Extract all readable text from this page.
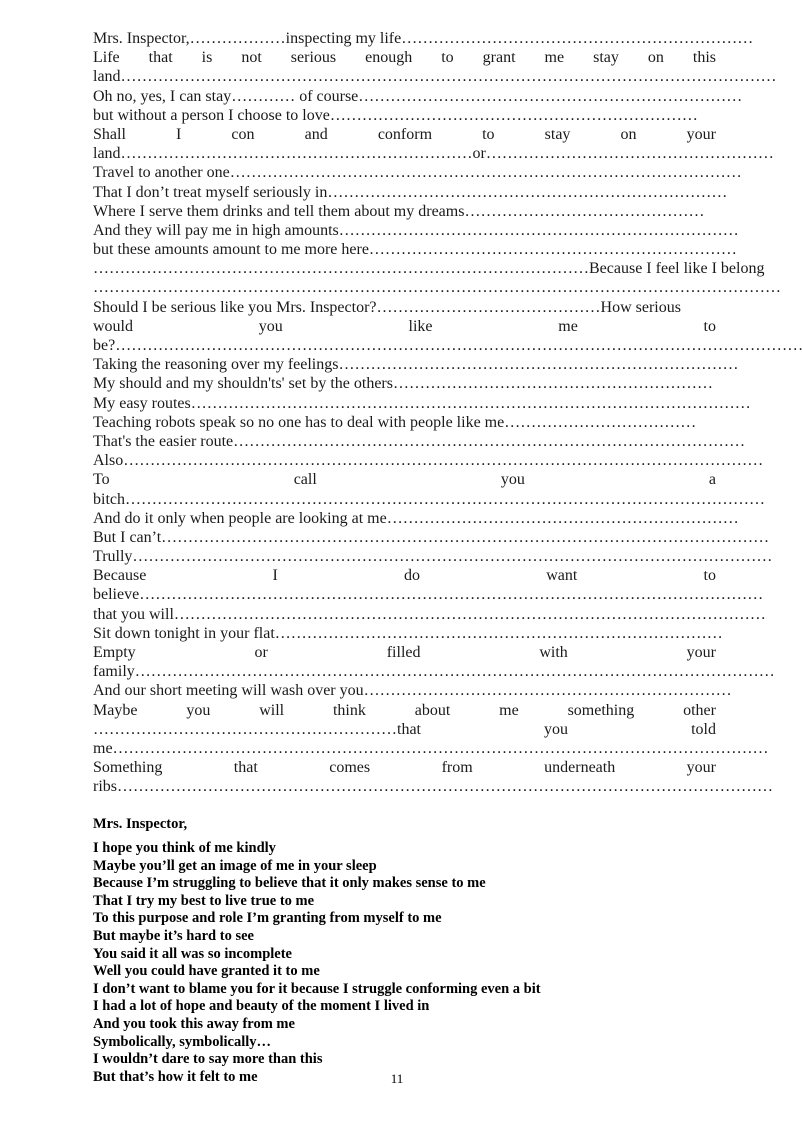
Mrs. Inspector,………………inspecting my life…………………………………………………………
Life that is not serious enough to grant me stay on this
land……………………………………………………………………………………………………………
Oh no, yes, I can stay………… of course………………………………………………………………
but without a person I choose to love……………………………………………………………
Shall	I	con	and	conform	to	stay	on	your
land…………………………………………………………or………………………………………………
Travel to another one……………………………………………………………………………………
That I don’t treat myself seriously in…………………………………………………………………
Where I serve them drinks and tell them about my dreams………………………………………
And they will pay me in high amounts…………………………………………………………………
but these amounts amount to me more here……………………………………………………………
…………………………………………………………………………………Because I feel like I belong
…………………………………………………………………………………………………………………
Should I be serious like you Mrs. Inspector?……………………………………How serious
would	you	like	me	to
be?…………………………………………………………………………………………………………………
Taking the reasoning over my feelings…………………………………………………………………
My should and my shouldn'ts' set by the others……………………………………………………
My easy routes……………………………………………………………………………………………
Teaching robots speak so no one has to deal with people like me………………………………
That's the easier route……………………………………………………………………………………
Also…………………………………………………………………………………………………………
To	call	you	a
bitch…………………………………………………………………………………………………………
And do it only when people are looking at me…………………………………………………………
But I can’t……………………………………………………………………………………………………
Trully…………………………………………………………………………………………………………
Because	I	do	want	to
believe………………………………………………………………………………………………………
that you will…………………………………………………………………………………………………
Sit down tonight in your flat…………………………………………………………………………
Empty	or	filled	with	your
family…………………………………………………………………………………………………………
And our short meeting will wash over you……………………………………………………………
Maybe	you	will	think	about	me	something	other
…………………………………………………that	you	told
me……………………………………………………………………………………………………………
Something	that	comes	from	underneath	your
ribs……………………………………………………………………………………………………………
Mrs. Inspector,
I hope you think of me kindly
Maybe you’ll get an image of me in your sleep
Because I’m struggling to believe that it only makes sense to me
That I try my best to live true to me
To this purpose and role I’m granting from myself to me
But maybe it’s hard to see
You said it all was so incomplete
Well you could have granted it to me
I don’t want to blame you for it because I struggle conforming even a bit
I had a lot of hope and beauty of the moment I lived in
And you took this away from me
Symbolically, symbolically…
I wouldn’t dare to say more than this
But that’s how it felt to me	11
